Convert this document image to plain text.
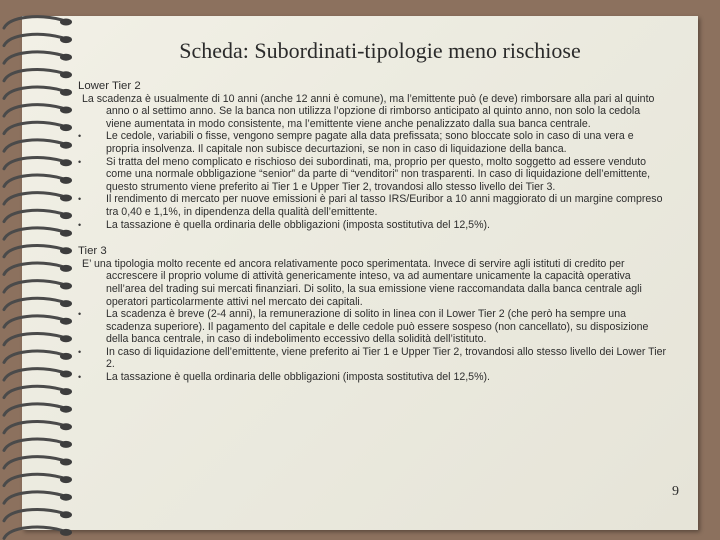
Scheda: Subordinati-tipologie meno rischiose

Lower Tier 2

La scadenza è usualmente di 10 anni (anche 12 anni è comune), ma l’emittente può (e deve) rimborsare alla pari al quinto anno o al settimo anno. Se la banca non utilizza l’opzione di rimborso anticipato al quinto anno, non solo la cedola viene aumentata in modo consistente, ma l’emittente viene anche penalizzato dalla sua banca centrale.

• Le cedole, variabili o fisse, vengono sempre pagate alla data prefissata; sono bloccate solo in caso di una vera e propria insolvenza. Il capitale non subisce decurtazioni, se non in caso di liquidazione della banca.

• Si tratta del meno complicato e rischioso dei subordinati, ma, proprio per questo, molto soggetto ad essere venduto come una normale obbligazione “senior” da parte di “venditori” non trasparenti. In caso di liquidazione dell’emittente, questo strumento viene preferito ai Tier 1 e Upper Tier 2, trovandosi allo stesso livello dei Tier 3.

• Il rendimento di mercato per nuove emissioni è pari al tasso IRS/Euribor a 10 anni maggiorato di un margine compreso tra 0,40 e 1,1%, in dipendenza della qualità dell’emittente.

• La tassazione è quella ordinaria delle obbligazioni (imposta sostitutiva del 12,5%).

Tier 3

E’ una tipologia molto recente ed ancora relativamente poco sperimentata. Invece di servire agli istituti di credito per accrescere il proprio volume di attività genericamente inteso, va ad aumentare unicamente la capacità operativa nell’area del trading sui mercati finanziari. Di solito, la sua emissione viene raccomandata dalla banca centrale agli operatori particolarmente attivi nel mercato dei capitali.

• La scadenza è breve (2-4 anni), la remunerazione di solito in linea con il Lower Tier 2 (che però ha sempre una scadenza superiore). Il pagamento del capitale e delle cedole può essere sospeso (non cancellato), su disposizione della banca centrale, in caso di indebolimento eccessivo della solidità dell’istituto.

• In caso di liquidazione dell’emittente, viene preferito ai Tier 1 e Upper Tier 2, trovandosi allo stesso livello dei Lower Tier 2.

• La tassazione è quella ordinaria delle obbligazioni (imposta sostitutiva del 12,5%).

9
